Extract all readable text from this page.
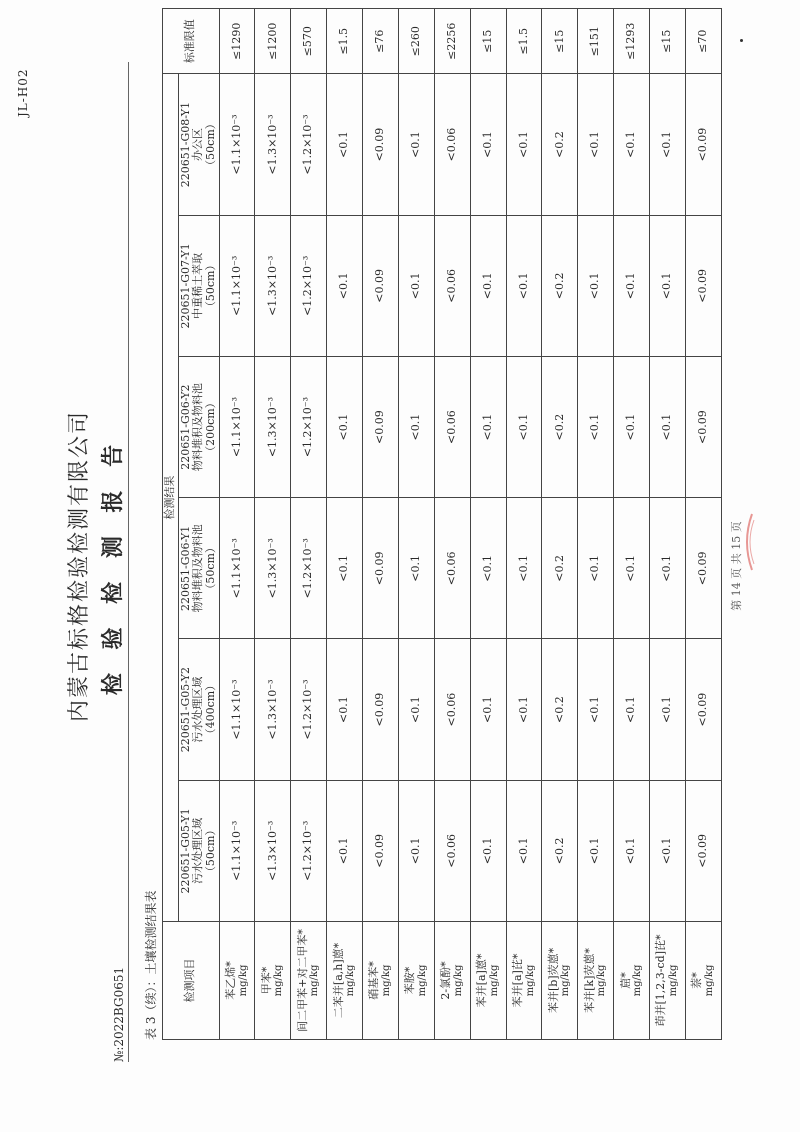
JL-H02
内蒙古标格检验检测有限公司 检 验 检 测 报 告
№:2022BG0651 表 3（续）：土壤检测结果表 检测项目	检测结果						标准限值

	220651-G05-Y1 污水处理区域 （50cm）	220651-G05-Y2 污水处理区域 （400cm）	220651-G06-Y1 物料堆积及物料池 （50cm）	220651-G06-Y2 物料堆积及物料池 （200cm）	220651-G07-Y1 中重稀土萃取 （50cm）	220651-G08-Y1 办公区 （50cm）	

苯乙烯* mg/kg	<1.1×10⁻³	<1.1×10⁻³	<1.1×10⁻³	<1.1×10⁻³	<1.1×10⁻³	<1.1×10⁻³	≤1290

甲苯* mg/kg	<1.3×10⁻³	<1.3×10⁻³	<1.3×10⁻³	<1.3×10⁻³	<1.3×10⁻³	<1.3×10⁻³	≤1200

间二甲苯+对二甲苯* mg/kg	<1.2×10⁻³	<1.2×10⁻³	<1.2×10⁻³	<1.2×10⁻³	<1.2×10⁻³	<1.2×10⁻³	≤570

二苯并[a,h]蒽* mg/kg	<0.1	<0.1	<0.1	<0.1	<0.1	<0.1	≤1.5

硝基苯* mg/kg	<0.09	<0.09	<0.09	<0.09	<0.09	<0.09	≤76

苯胺* mg/kg	<0.1	<0.1	<0.1	<0.1	<0.1	<0.1	≤260

2-氯酚* mg/kg	<0.06	<0.06	<0.06	<0.06	<0.06	<0.06	≤2256

苯并[a]蒽* mg/kg	<0.1	<0.1	<0.1	<0.1	<0.1	<0.1	≤15

苯并[a]芘* mg/kg	<0.1	<0.1	<0.1	<0.1	<0.1	<0.1	≤1.5

苯并[b]荧蒽* mg/kg	<0.2	<0.2	<0.2	<0.2	<0.2	<0.2	≤15

苯并[k]荧蒽* mg/kg	<0.1	<0.1	<0.1	<0.1	<0.1	<0.1	≤151

䓛* mg/kg	<0.1	<0.1	<0.1	<0.1	<0.1	<0.1	≤1293

茚并[1,2,3-cd]芘* mg/kg	<0.1	<0.1	<0.1	<0.1	<0.1	<0.1	≤15

萘* mg/kg	<0.09	<0.09	<0.09	<0.09	<0.09	<0.09	≤70
第 14 页 共 15 页
